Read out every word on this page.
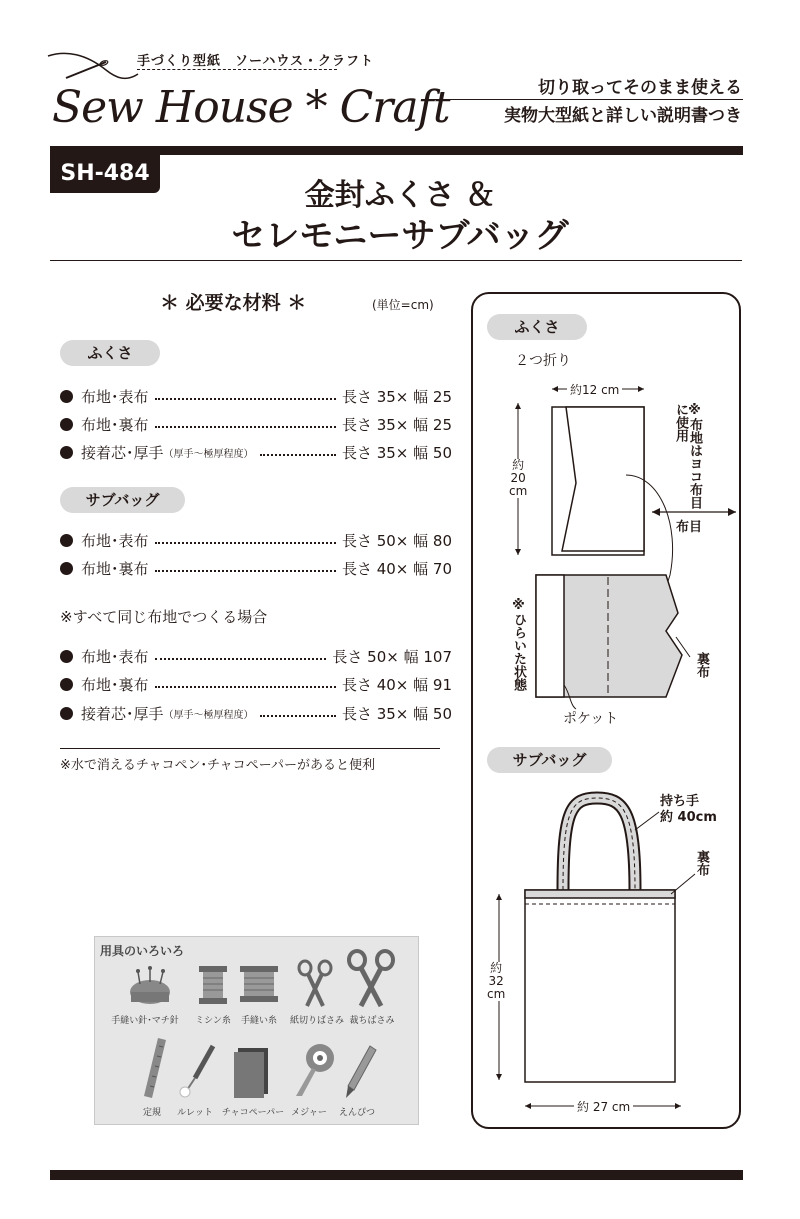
手づくり型紙　ソーハウス・クラフト
Sew House * Craft	切り取ってそのまま使える
実物大型紙と詳しい説明書つき
SH-484
金封ふくさ ＆
セレモニーサブバッグ
＊ 必要な材料 ＊	(単位=cm)
ふくさ
布地･表布	長さ 35× 幅 25
布地･裏布	長さ 35× 幅 25
接着芯･厚手 （厚手～極厚程度）	長さ 35× 幅 50
サブバッグ
布地･表布	長さ 50× 幅 80
布地･裏布	長さ 40× 幅 70
※すべて同じ布地でつくる場合
布地･表布	長さ 50× 幅 107
布地･裏布	長さ 40× 幅 91
接着芯･厚手 （厚手～極厚程度）	長さ 35× 幅 50
※水で消えるチャコペン･チャコペーパーがあると便利
用具のいろいろ
手縫い針･マチ針	ミシン糸	手縫い糸	紙切りばさみ 裁ちばさみ
定規	ルレット	チャコペーパー メジャー	えんぴつ
ふくさ
２つ折り
約12 cm
約
20
cm	※布地はヨコ布目に使用
布目
※ひらいた状態	裏布
ポケット
サブバッグ
持ち手
約 40cm
裏布
約
32
cm
約 27 cm
